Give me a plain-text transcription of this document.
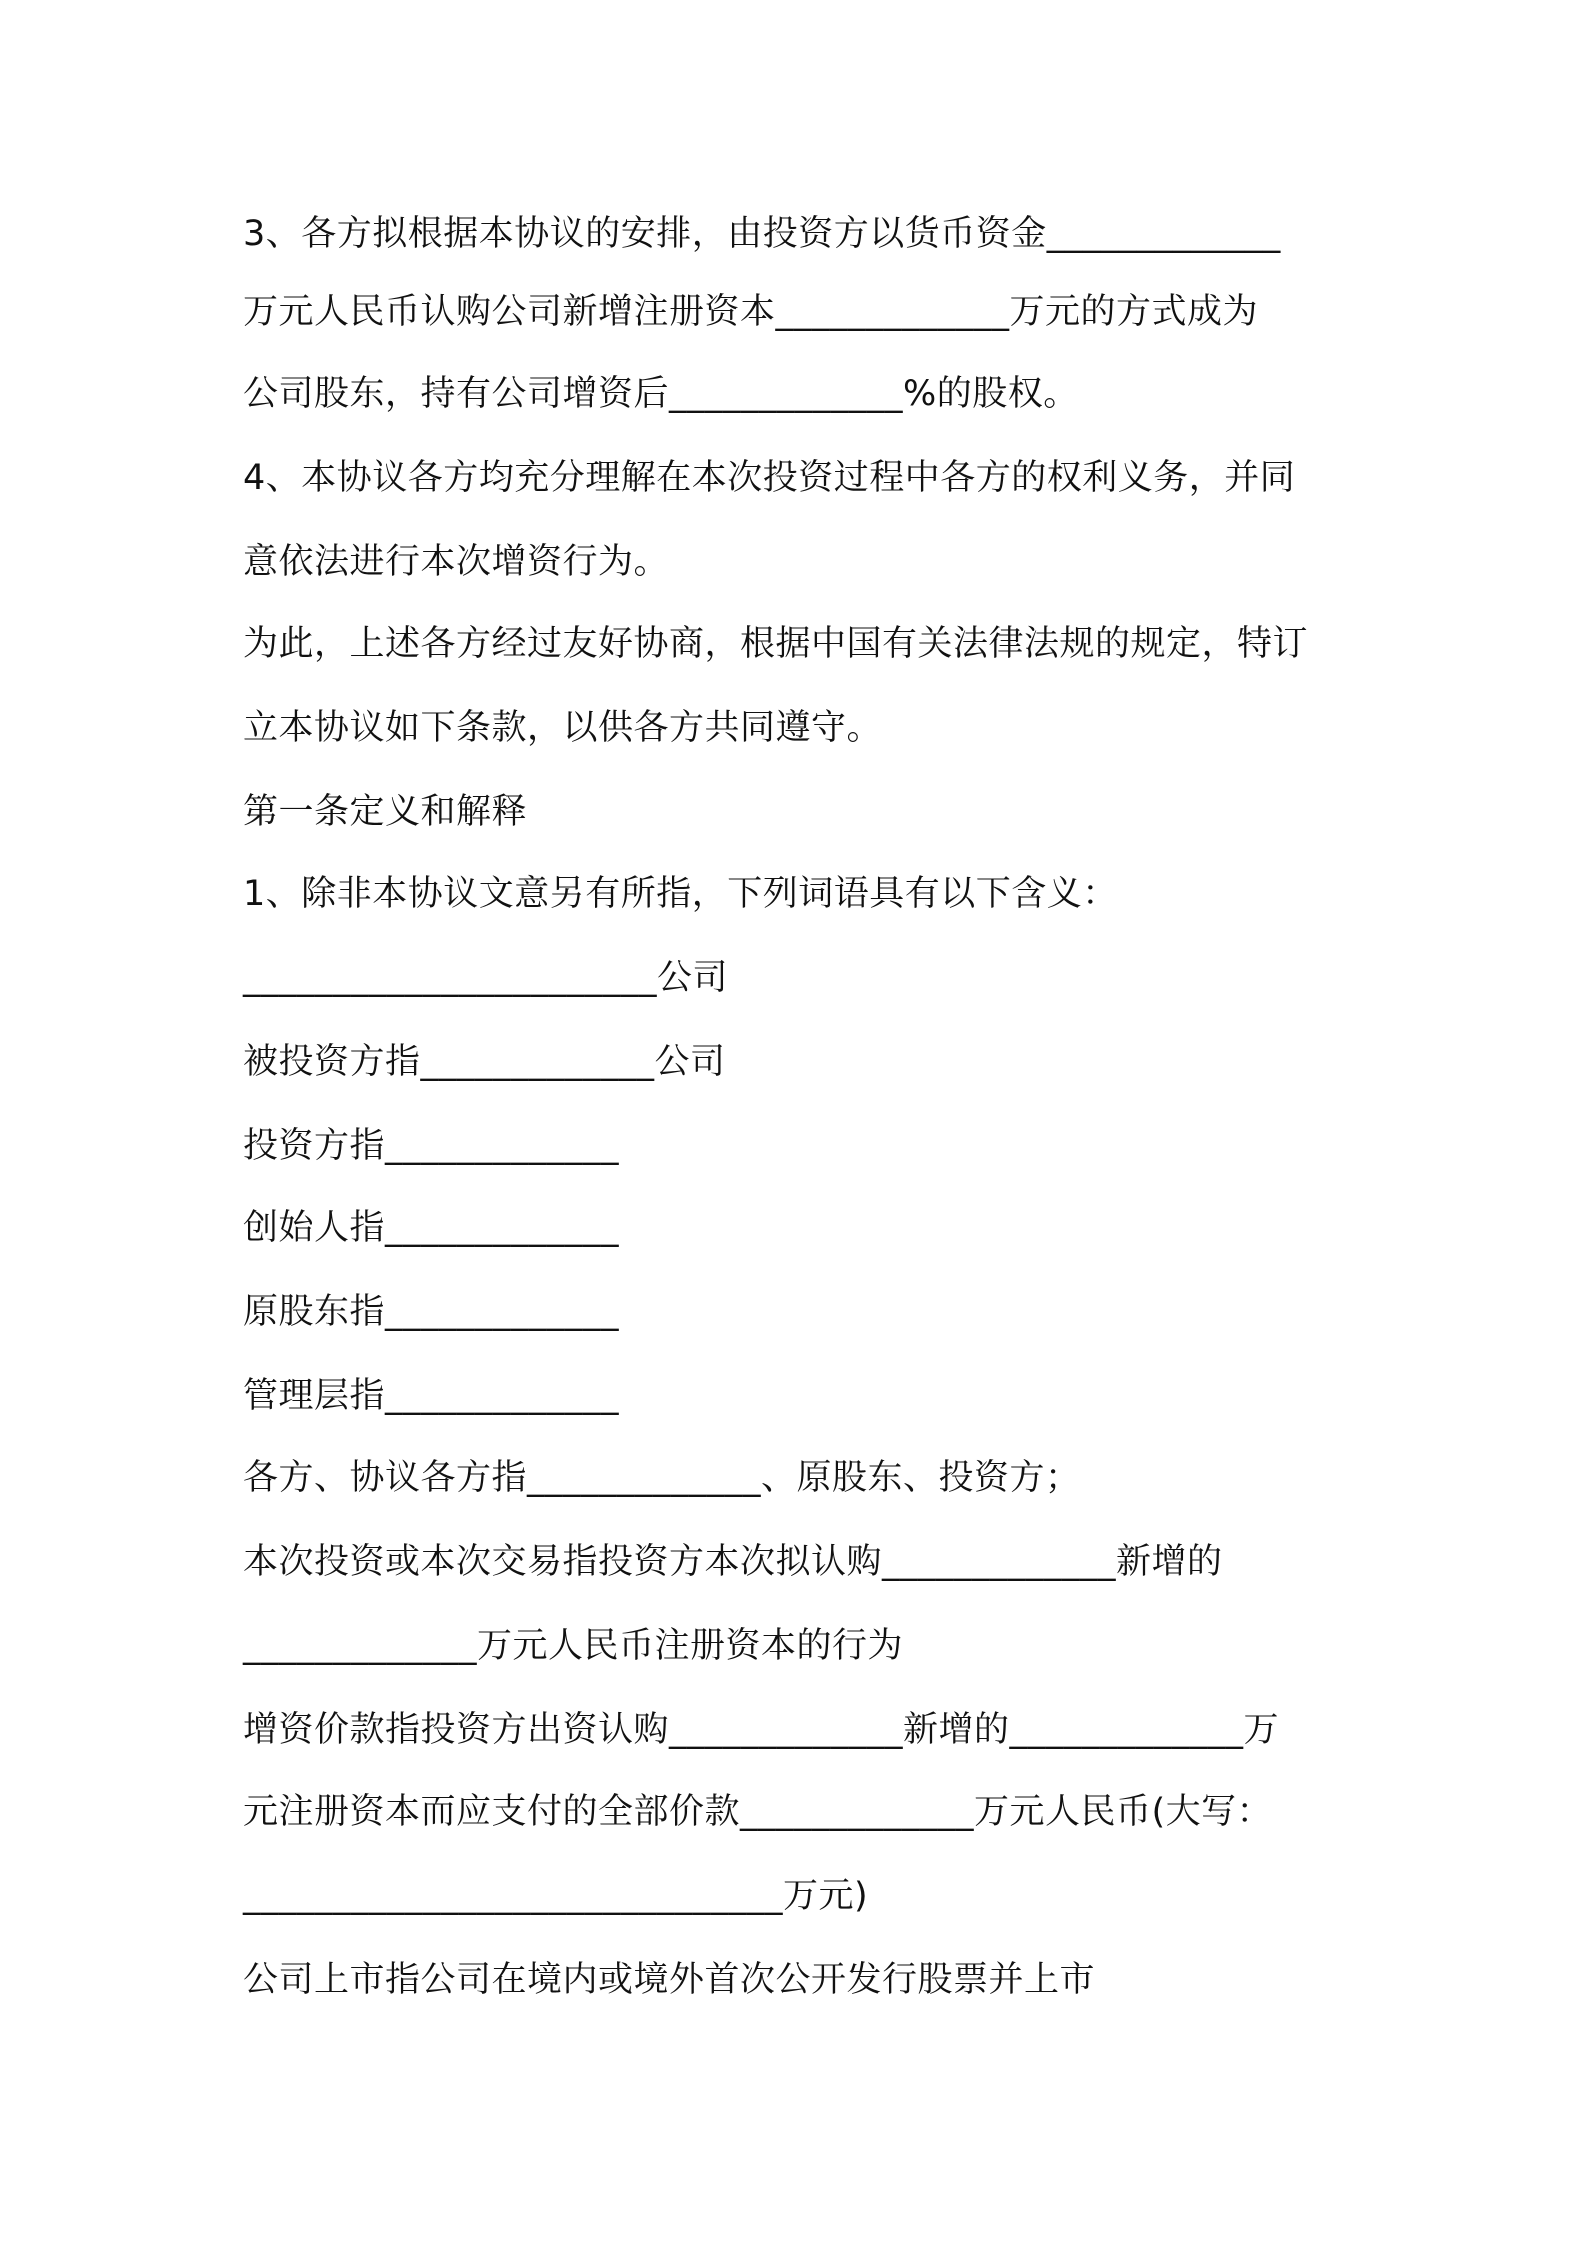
3、各方拟根据本协议的安排，由投资方以货币资金_____________
万元人民币认购公司新增注册资本_____________万元的方式成为
公司股东，持有公司增资后_____________%的股权。
4、本协议各方均充分理解在本次投资过程中各方的权利义务，并同
意依法进行本次增资行为。
为此，上述各方经过友好协商，根据中国有关法律法规的规定，特订
立本协议如下条款，以供各方共同遵守。
第一条定义和解释
1、除非本协议文意另有所指，下列词语具有以下含义：
_______________________公司
被投资方指_____________公司
投资方指_____________
创始人指_____________
原股东指_____________
管理层指_____________
各方、协议各方指_____________、原股东、投资方；
本次投资或本次交易指投资方本次拟认购_____________新增的
_____________万元人民币注册资本的行为
增资价款指投资方出资认购_____________新增的_____________万
元注册资本而应支付的全部价款_____________万元人民币(大写：
______________________________万元)
公司上市指公司在境内或境外首次公开发行股票并上市
